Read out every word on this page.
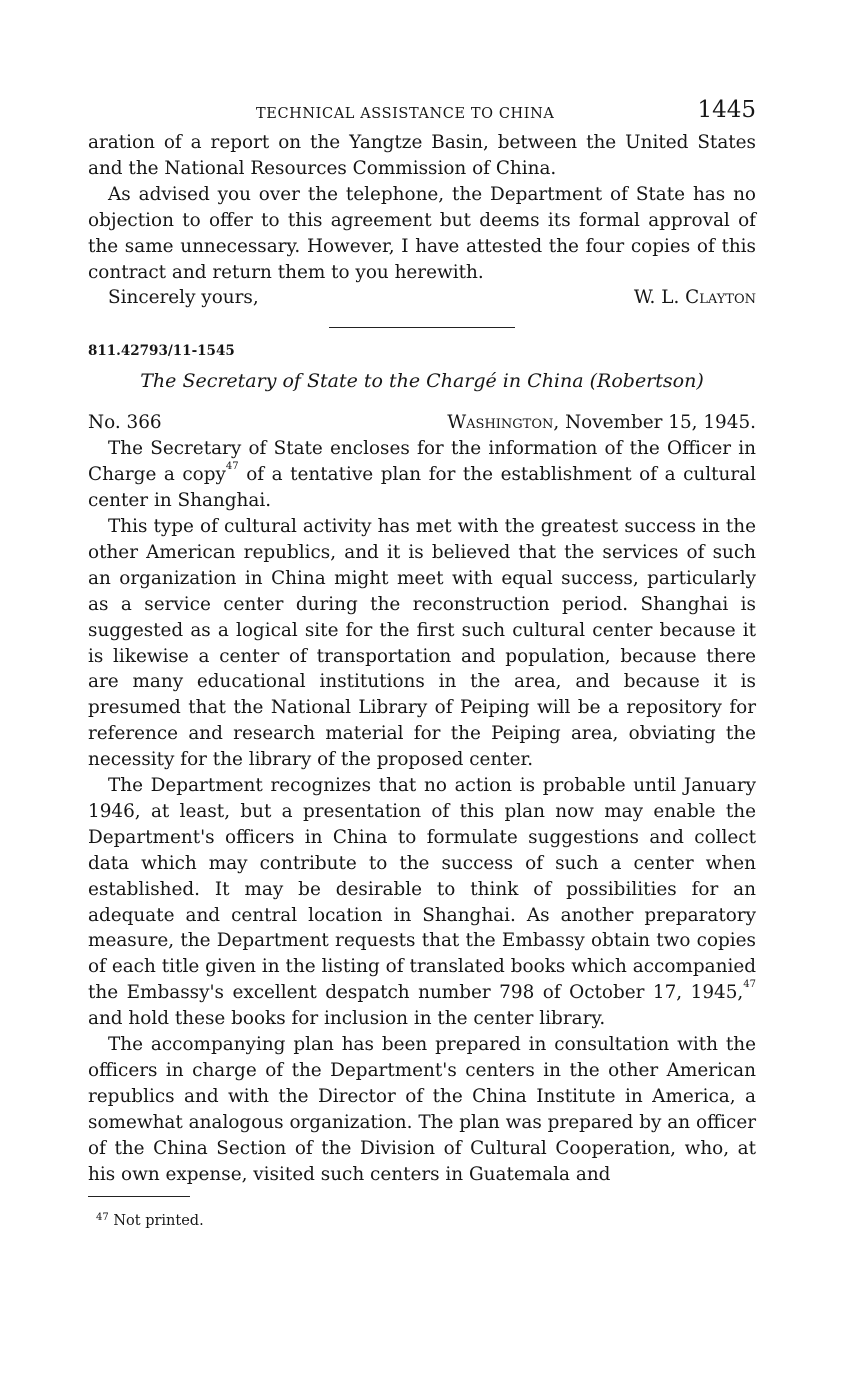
TECHNICAL ASSISTANCE TO CHINA	1445

aration of a report on the Yangtze Basin, between the United States and the National Resources Commission of China.

As advised you over the telephone, the Department of State has no objection to offer to this agreement but deems its formal approval of the same unnecessary. However, I have attested the four copies of this contract and return them to you herewith.

Sincerely yours,	W. L. Clayton
811.42793/11-1545
The Secretary of State to the Chargé in China (Robertson)
No. 366	Washington, November 15, 1945.

The Secretary of State encloses for the information of the Officer in Charge a copy$^{47}$ of a tentative plan for the establishment of a cultural center in Shanghai.

This type of cultural activity has met with the greatest success in the other American republics, and it is believed that the services of such an organization in China might meet with equal success, particularly as a service center during the reconstruction period. Shanghai is suggested as a logical site for the first such cultural center because it is likewise a center of transportation and population, because there are many educational institutions in the area, and because it is presumed that the National Library of Peiping will be a repository for reference and research material for the Peiping area, obviating the necessity for the library of the proposed center.

The Department recognizes that no action is probable until January 1946, at least, but a presentation of this plan now may enable the Department's officers in China to formulate suggestions and collect data which may contribute to the success of such a center when established. It may be desirable to think of possibilities for an adequate and central location in Shanghai. As another preparatory measure, the Department requests that the Embassy obtain two copies of each title given in the listing of translated books which accompanied the Embassy's excellent despatch number 798 of October 17, 1945,47 and hold these books for inclusion in the center library.

The accompanying plan has been prepared in consultation with the officers in charge of the Department's centers in the other American republics and with the Director of the China Institute in America, a somewhat analogous organization. The plan was prepared by an officer of the China Section of the Division of Cultural Cooperation, who, at his own expense, visited such centers in Guatemala and

$^{47}$ Not printed.
